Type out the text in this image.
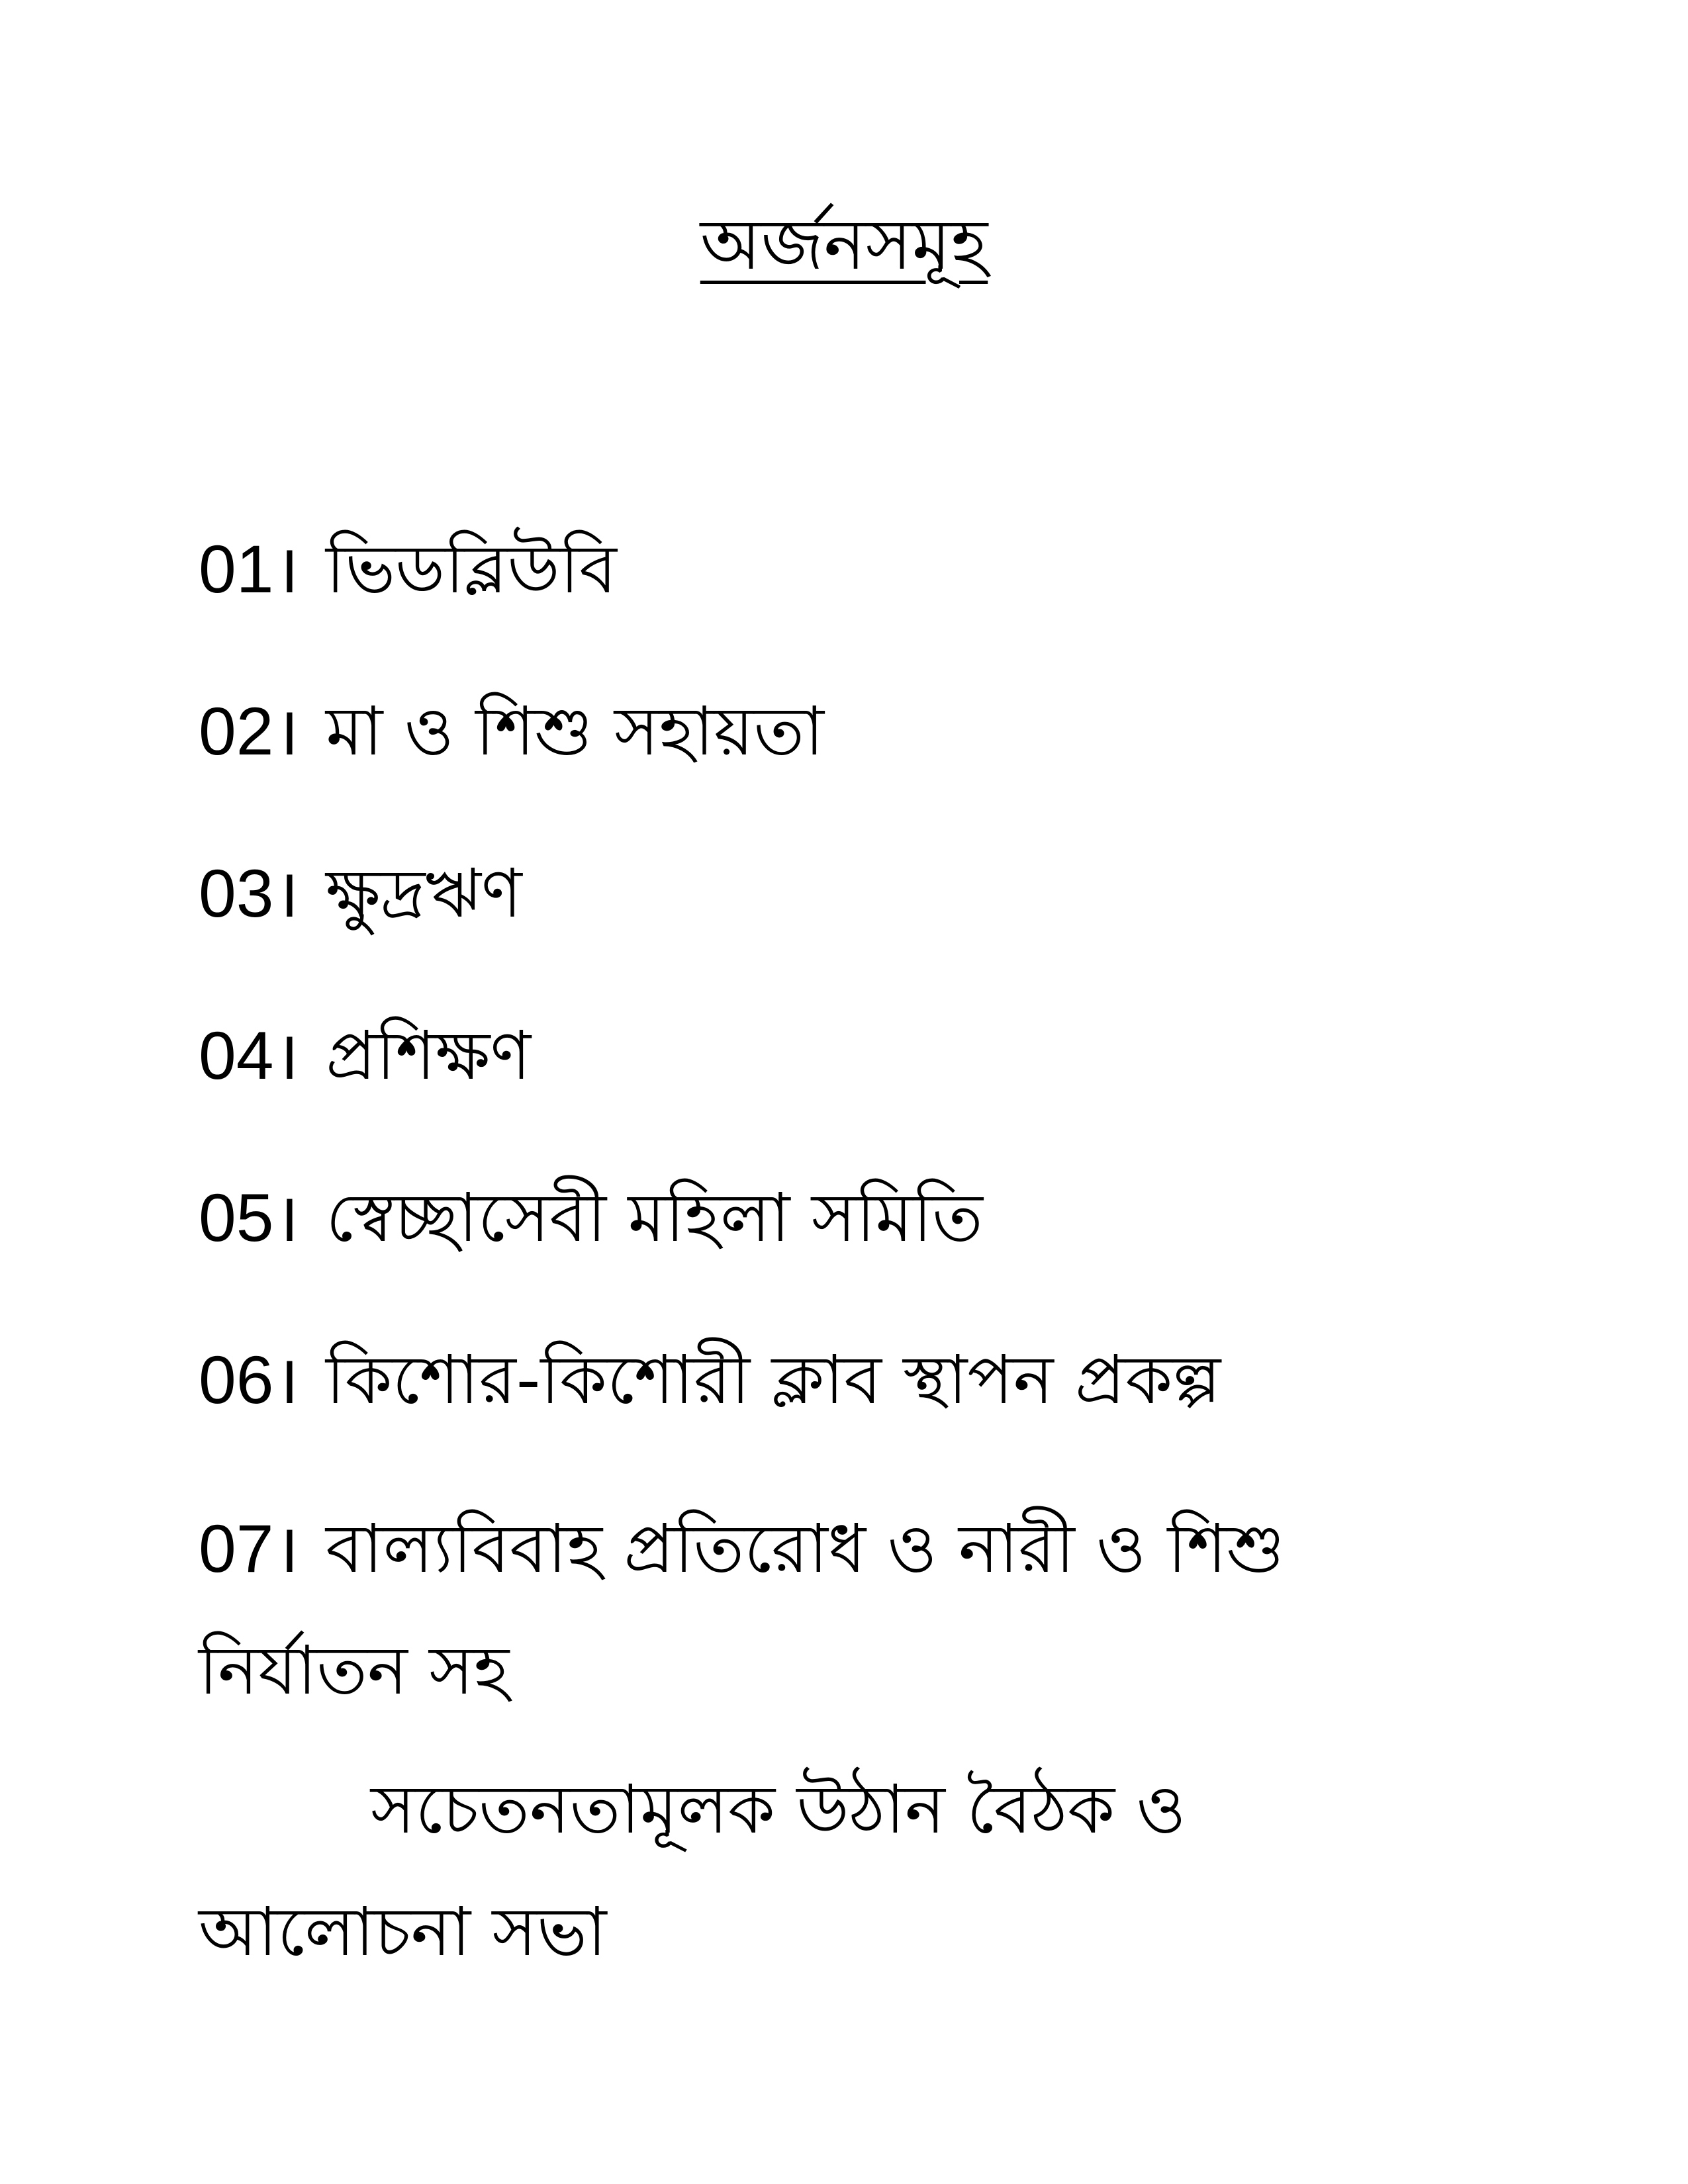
অর্জনসমূহ
01। ভিডব্লিউবি
02। মা ও শিশু সহায়তা
03। ক্ষুদ্রঋণ
04। প্রশিক্ষণ
05। স্বেচ্ছাসেবী মহিলা সমিতি
06। কিশোর-কিশোরী ক্লাব স্থাপন প্রকল্প
07। বাল্যবিবাহ প্রতিরোধ ও নারী ও শিশু
নির্যাতন সহ
সচেতনতামূলক উঠান বৈঠক ও
আলোচনা সভা
